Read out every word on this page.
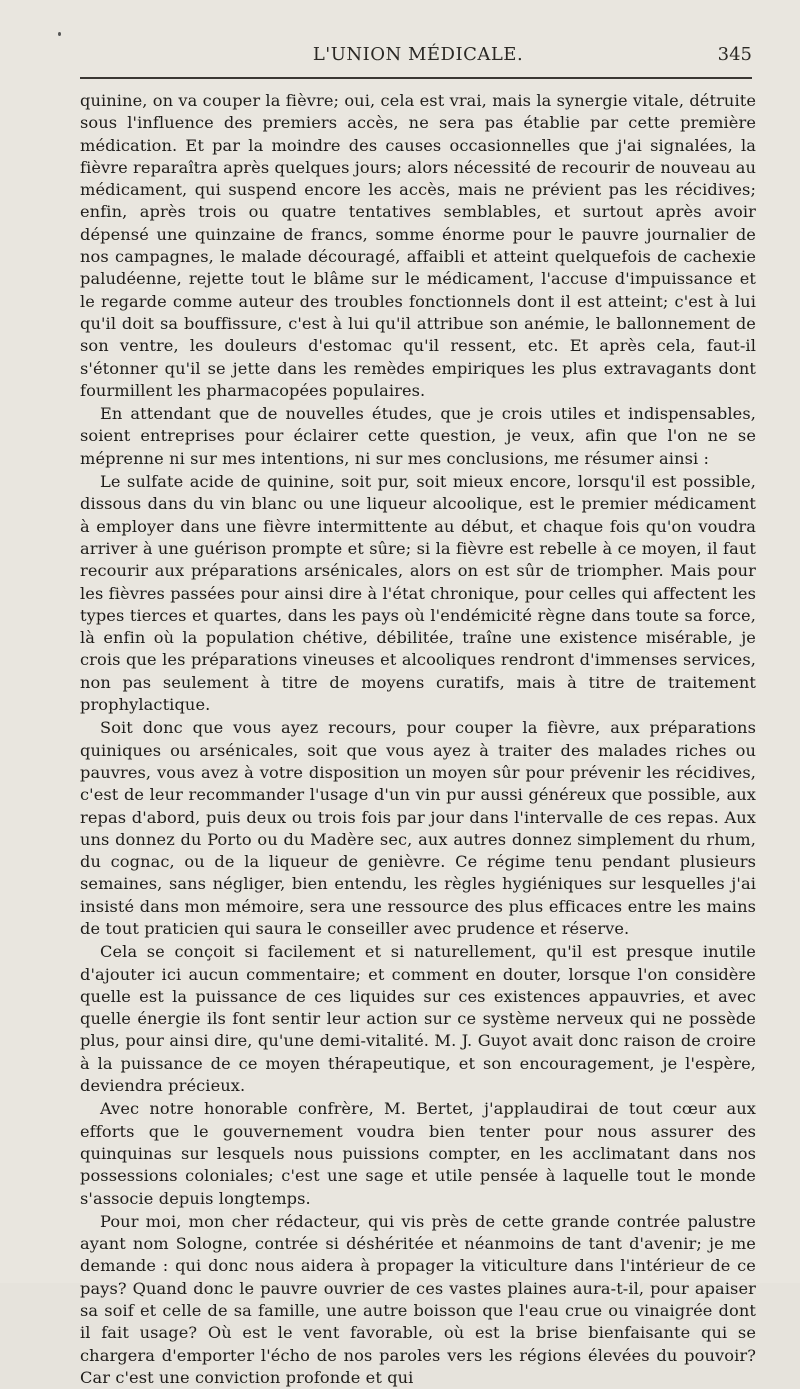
L'UNION MÉDICALE.	345

quinine, on va couper la fièvre; oui, cela est vrai, mais la synergie vitale, détruite sous l'influence des premiers accès, ne sera pas établie par cette première médication. Et par la moindre des causes occasionnelles que j'ai signalées, la fièvre reparaîtra après quelques jours; alors nécessité de recourir de nouveau au médicament, qui suspend encore les accès, mais ne prévient pas les récidives; enfin, après trois ou quatre tentatives semblables, et surtout après avoir dépensé une quinzaine de francs, somme énorme pour le pauvre journalier de nos campagnes, le malade découragé, affaibli et atteint quelquefois de cachexie paludéenne, rejette tout le blâme sur le médicament, l'accuse d'impuissance et le regarde comme auteur des troubles fonctionnels dont il est atteint; c'est à lui qu'il doit sa bouffissure, c'est à lui qu'il attribue son anémie, le ballonnement de son ventre, les douleurs d'estomac qu'il ressent, etc. Et après cela, faut-il s'étonner qu'il se jette dans les remèdes empiriques les plus extravagants dont fourmillent les pharmacopées populaires.

En attendant que de nouvelles études, que je crois utiles et indispensables, soient entreprises pour éclairer cette question, je veux, afin que l'on ne se méprenne ni sur mes intentions, ni sur mes conclusions, me résumer ainsi :

Le sulfate acide de quinine, soit pur, soit mieux encore, lorsqu'il est possible, dissous dans du vin blanc ou une liqueur alcoolique, est le premier médicament à employer dans une fièvre intermittente au début, et chaque fois qu'on voudra arriver à une guérison prompte et sûre; si la fièvre est rebelle à ce moyen, il faut recourir aux préparations arsénicales, alors on est sûr de triompher. Mais pour les fièvres passées pour ainsi dire à l'état chronique, pour celles qui affectent les types tierces et quartes, dans les pays où l'endémicité règne dans toute sa force, là enfin où la population chétive, débilitée, traîne une existence misérable, je crois que les préparations vineuses et alcooliques rendront d'immenses services, non pas seulement à titre de moyens curatifs, mais à titre de traitement prophylactique.

Soit donc que vous ayez recours, pour couper la fièvre, aux préparations quiniques ou arsénicales, soit que vous ayez à traiter des malades riches ou pauvres, vous avez à votre disposition un moyen sûr pour prévenir les récidives, c'est de leur recommander l'usage d'un vin pur aussi généreux que possible, aux repas d'abord, puis deux ou trois fois par jour dans l'intervalle de ces repas. Aux uns donnez du Porto ou du Madère sec, aux autres donnez simplement du rhum, du cognac, ou de la liqueur de genièvre. Ce régime tenu pendant plusieurs semaines, sans négliger, bien entendu, les règles hygiéniques sur lesquelles j'ai insisté dans mon mémoire, sera une ressource des plus efficaces entre les mains de tout praticien qui saura le conseiller avec prudence et réserve.

Cela se conçoit si facilement et si naturellement, qu'il est presque inutile d'ajouter ici aucun commentaire; et comment en douter, lorsque l'on considère quelle est la puissance de ces liquides sur ces existences appauvries, et avec quelle énergie ils font sentir leur action sur ce système nerveux qui ne possède plus, pour ainsi dire, qu'une demi-vitalité. M. J. Guyot avait donc raison de croire à la puissance de ce moyen thérapeutique, et son encouragement, je l'espère, deviendra précieux.

Avec notre honorable confrère, M. Bertet, j'applaudirai de tout cœur aux efforts que le gouvernement voudra bien tenter pour nous assurer des quinquinas sur lesquels nous puissions compter, en les acclimatant dans nos possessions coloniales; c'est une sage et utile pensée à laquelle tout le monde s'associe depuis longtemps.

Pour moi, mon cher rédacteur, qui vis près de cette grande contrée palustre ayant nom Sologne, contrée si déshéritée et néanmoins de tant d'avenir; je me demande : qui donc nous aidera à propager la viticulture dans l'intérieur de ce pays? Quand donc le pauvre ouvrier de ces vastes plaines aura-t-il, pour apaiser sa soif et celle de sa famille, une autre boisson que l'eau crue ou vinaigrée dont il fait usage? Où est le vent favorable, où est la brise bienfaisante qui se chargera d'emporter l'écho de nos paroles vers les régions élevées du pouvoir? Car c'est une conviction profonde et qui
